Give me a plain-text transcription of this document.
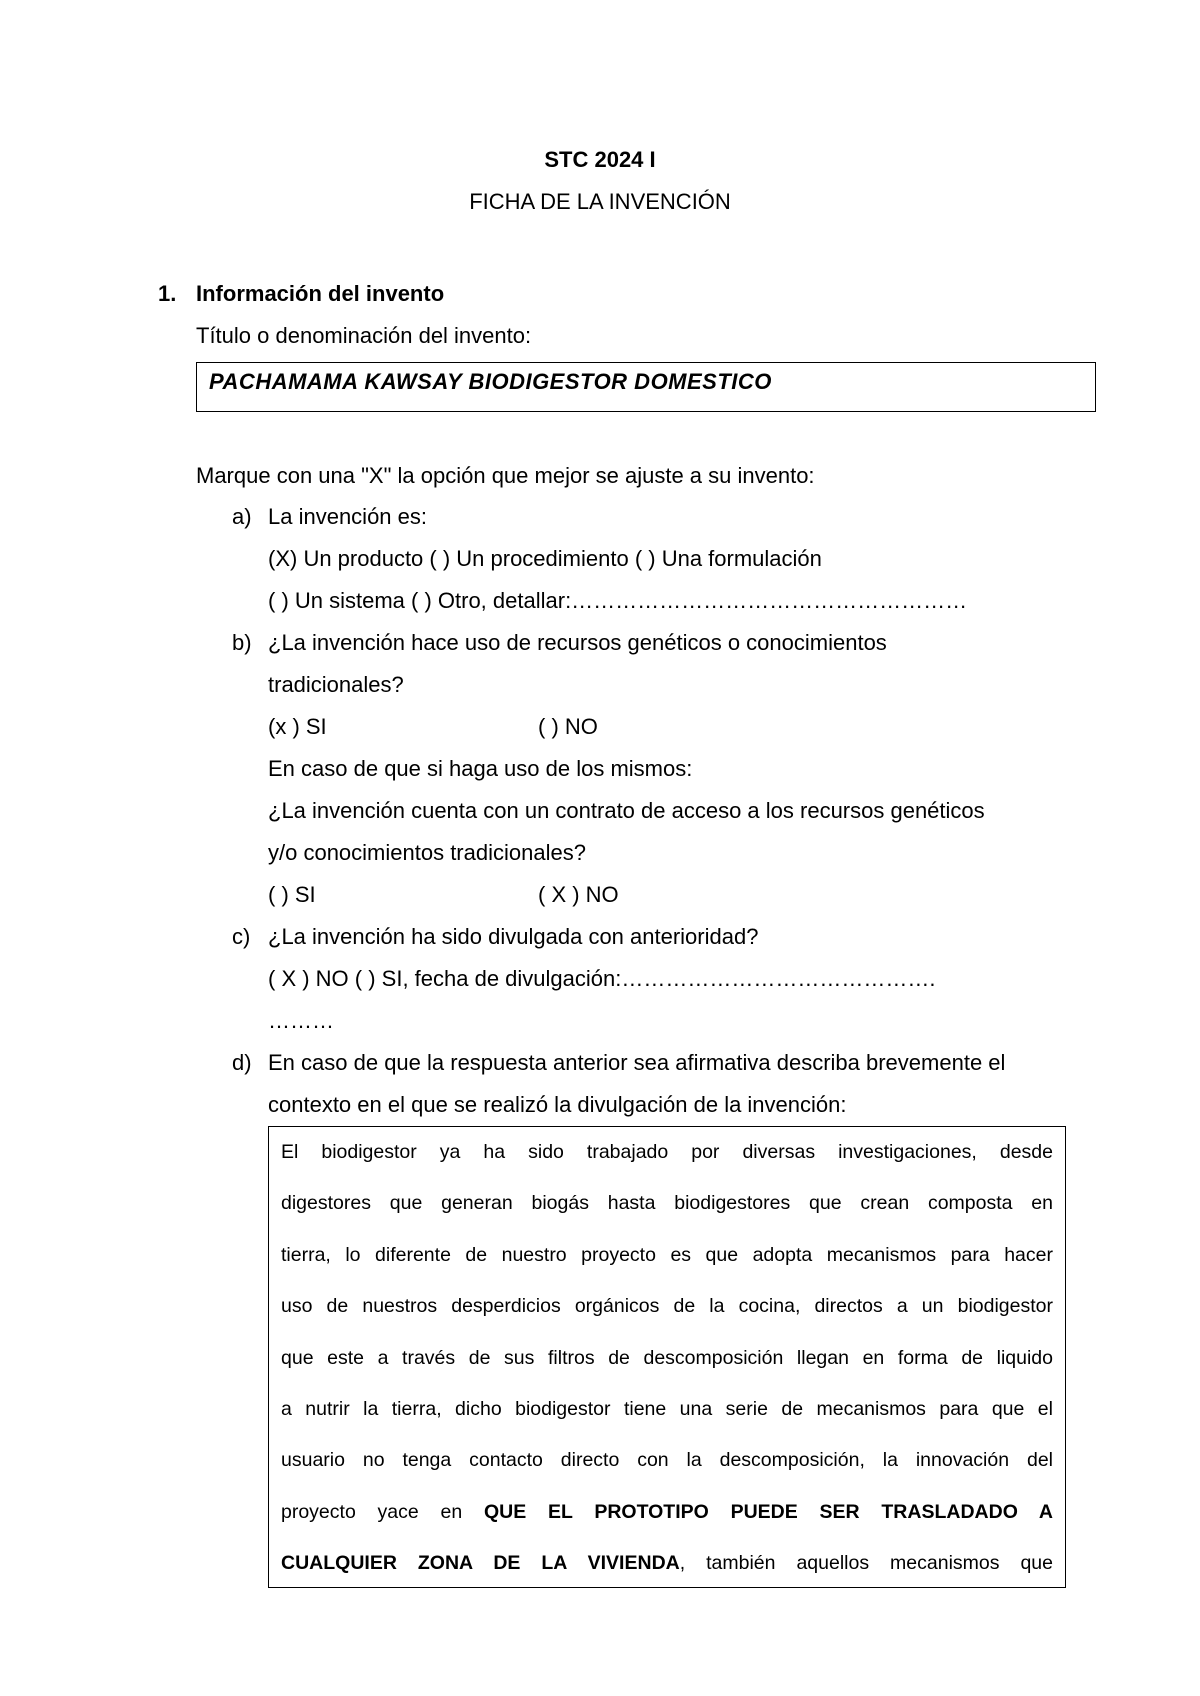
STC 2024 I
FICHA DE LA INVENCIÓN
1. Información del invento
Título o denominación del invento:
PACHAMAMA KAWSAY BIODIGESTOR DOMESTICO
Marque con una "X" la opción que mejor se ajuste a su invento:
a) La invención es:
(X) Un producto ( ) Un procedimiento ( ) Una formulación
( ) Un sistema ( ) Otro, detallar:………………………………………………
b) ¿La invención hace uso de recursos genéticos o conocimientos
tradicionales?
(x ) SI	( ) NO
En caso de que si haga uso de los mismos:
¿La invención cuenta con un contrato de acceso a los recursos genéticos
y/o conocimientos tradicionales?
( ) SI	( X ) NO
c) ¿La invención ha sido divulgada con anterioridad?
( X ) NO ( ) SI, fecha de divulgación:…………………………………….
………
d) En caso de que la respuesta anterior sea afirmativa describa brevemente el
contexto en el que se realizó la divulgación de la invención:
El biodigestor ya ha sido trabajado por diversas investigaciones, desde
digestores que generan biogás hasta biodigestores que crean composta en
tierra, lo diferente de nuestro proyecto es que adopta mecanismos para hacer
uso de nuestros desperdicios orgánicos de la cocina, directos a un biodigestor
que este a través de sus filtros de descomposición llegan en forma de liquido
a nutrir la tierra, dicho biodigestor tiene una serie de mecanismos para que el
usuario no tenga contacto directo con la descomposición, la innovación del
proyecto yace en QUE EL PROTOTIPO PUEDE SER TRASLADADO A
CUALQUIER ZONA DE LA VIVIENDA, también aquellos mecanismos que
